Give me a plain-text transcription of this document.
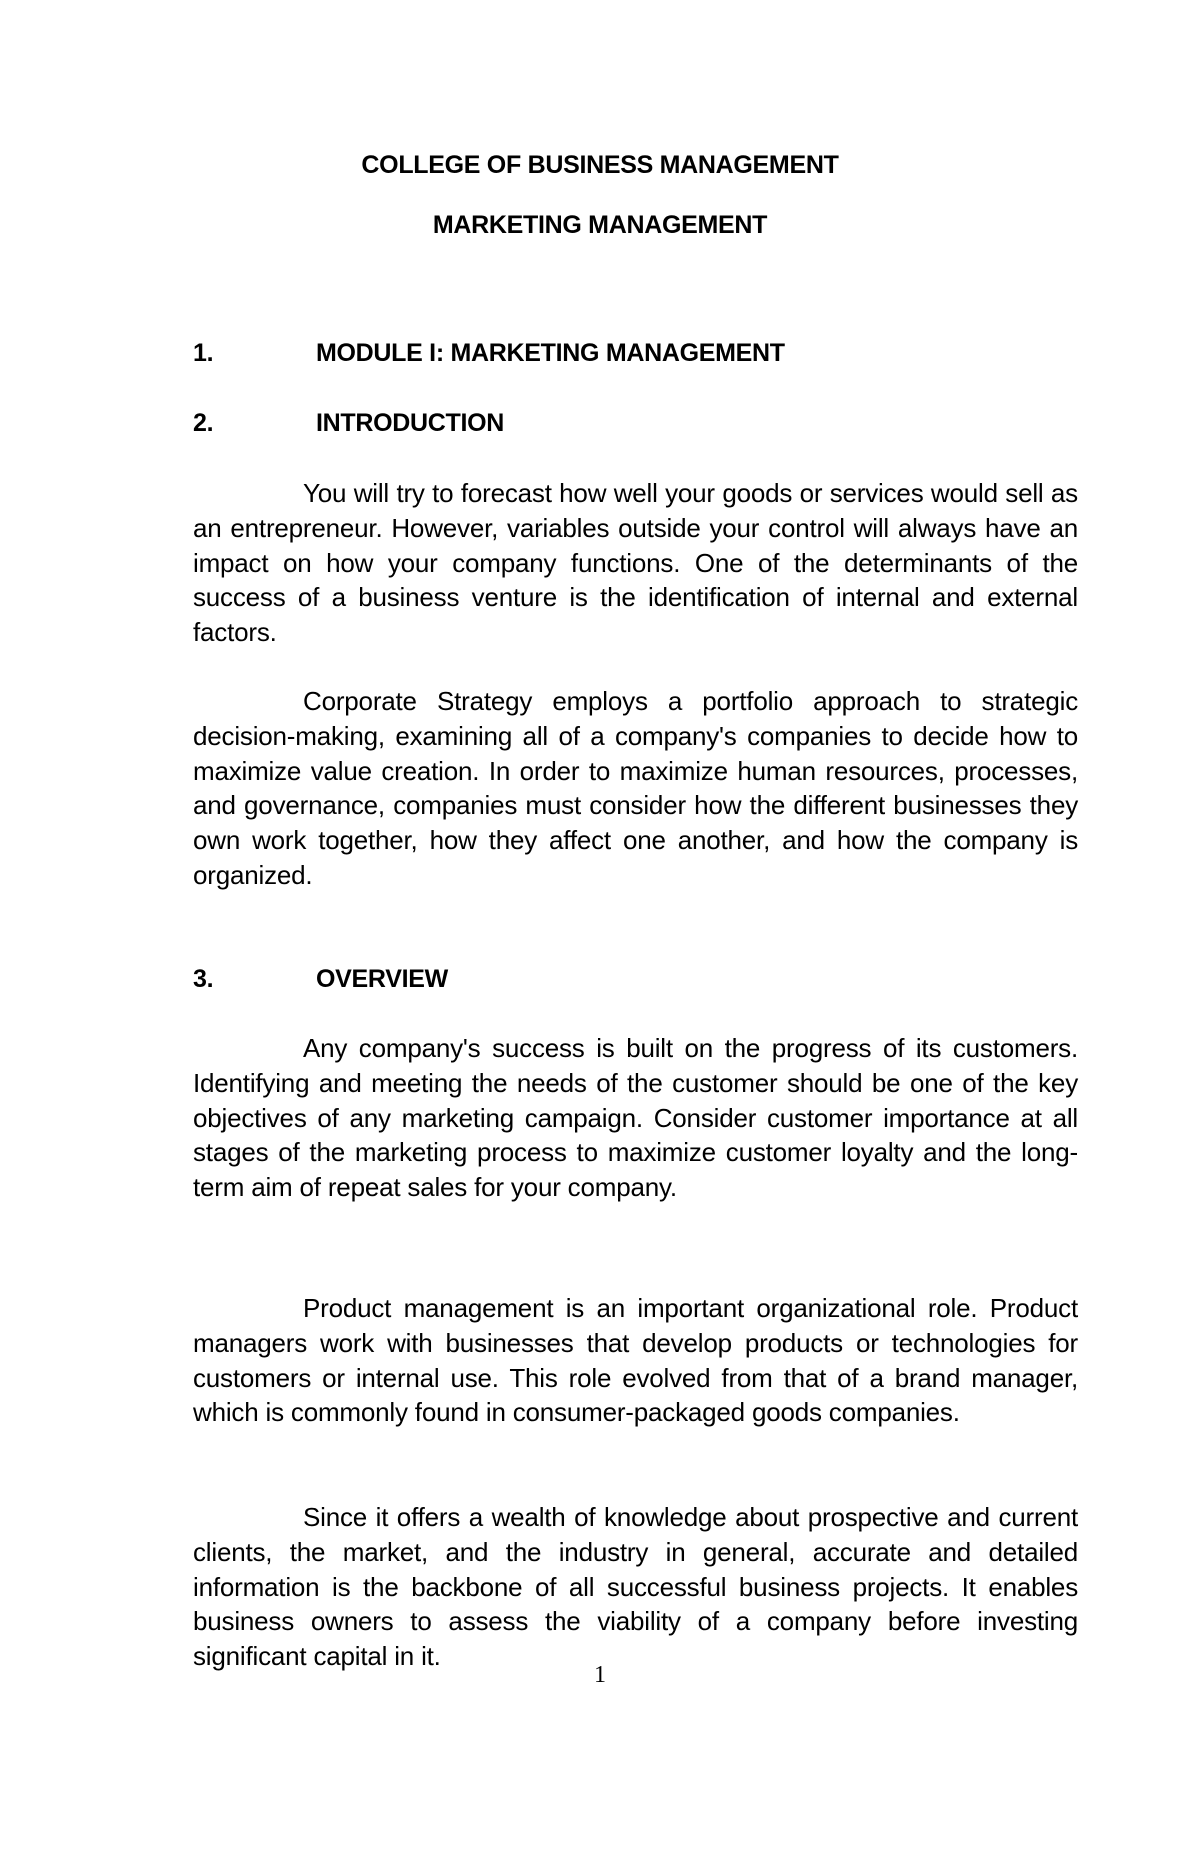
COLLEGE OF BUSINESS MANAGEMENT
MARKETING MANAGEMENT
1.	MODULE I: MARKETING MANAGEMENT
2.	INTRODUCTION

You will try to forecast how well your goods or services would sell as an entrepreneur. However, variables outside your control will always have an impact on how your company functions. One of the determinants of the success of a business venture is the identification of internal and external factors.

Corporate Strategy employs a portfolio approach to strategic decision-making, examining all of a company's companies to decide how to maximize value creation. In order to maximize human resources, processes, and governance, companies must consider how the different businesses they own work together, how they affect one another, and how the company is organized.

3.	OVERVIEW

Any company's success is built on the progress of its customers. Identifying and meeting the needs of the customer should be one of the key objectives of any marketing campaign. Consider customer importance at all stages of the marketing process to maximize customer loyalty and the long-term aim of repeat sales for your company.

Product management is an important organizational role. Product managers work with businesses that develop products or technologies for customers or internal use. This role evolved from that of a brand manager, which is commonly found in consumer-packaged goods companies.

Since it offers a wealth of knowledge about prospective and current clients, the market, and the industry in general, accurate and detailed information is the backbone of all successful business projects. It enables business owners to assess the viability of a company before investing significant capital in it.

1
